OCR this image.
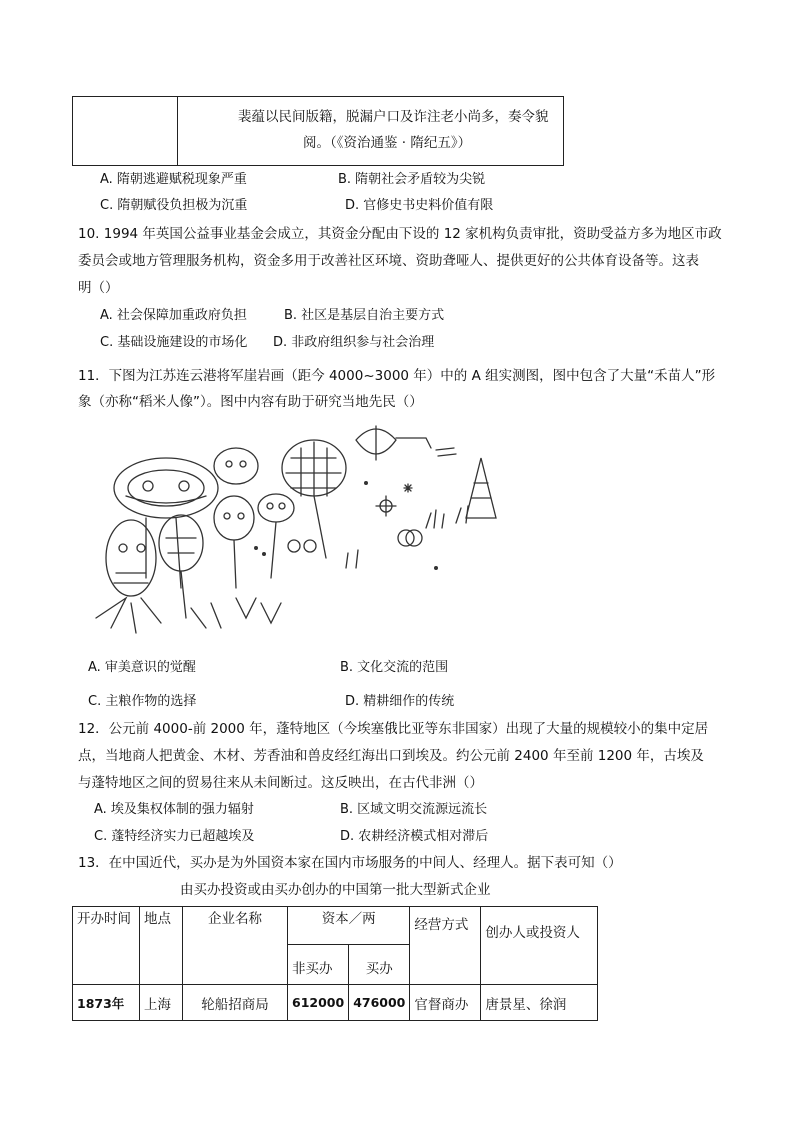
裴蕴以民间版籍，脱漏户口及诈注老小尚多，奏令貌
阅。（《资治通鉴 · 隋纪五》）
A. 隋朝逃避赋税现象严重	B. 隋朝社会矛盾较为尖锐
C. 隋朝赋役负担极为沉重	D. 官修史书史料价值有限
10. 1994 年英国公益事业基金会成立，其资金分配由下设的 12 家机构负责审批，资助受益方多为地区市政
委员会或地方管理服务机构，资金多用于改善社区环境、资助聋哑人、提供更好的公共体育设备等。这表
明（）
A. 社会保障加重政府负担	B. 社区是基层自治主要方式
C. 基础设施建设的市场化 D. 非政府组织参与社会治理
11．下图为江苏连云港将军崖岩画（距今 4000~3000 年）中的 A 组实测图，图中包含了大量“禾苗人”形
象（亦称“稻米人像”）。图中内容有助于研究当地先民（）
A. 审美意识的觉醒	B. 文化交流的范围
C. 主粮作物的选择	D. 精耕细作的传统
12．公元前 4000-前 2000 年，蓬特地区（今埃塞俄比亚等东非国家）出现了大量的规模较小的集中定居
点，当地商人把黄金、木材、芳香油和兽皮经红海出口到埃及。约公元前 2400 年至前 1200 年，古埃及
与蓬特地区之间的贸易往来从未间断过。这反映出，在古代非洲（）
A. 埃及集权体制的强力辐射	B. 区域文明交流源远流长
C. 蓬特经济实力已超越埃及	D. 农耕经济模式相对滞后
13．在中国近代，买办是为外国资本家在国内市场服务的中间人、经理人。据下表可知（）
由买办投资或由买办创办的中国第一批大型新式企业
开办时间	地点	企业名称	资本／两		经营方式	创办人或投资人
			非买办	买办		
1873年	上海	轮船招商局	612000	476000	官督商办	唐景星、徐润
